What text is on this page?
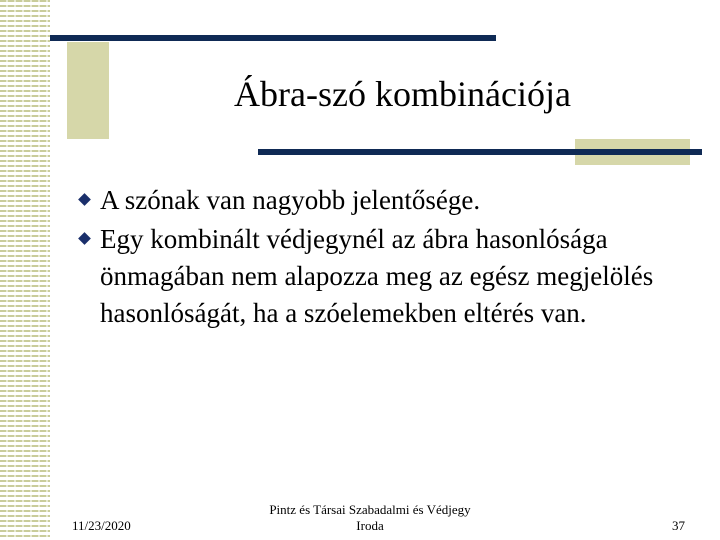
Ábra-szó kombinációja
A szónak van nagyobb jelentősége.
Egy kombinált védjegynél az ábra hasonlósága önmagában nem alapozza meg az egész megjelölés hasonlóságát, ha a szóelemekben eltérés van.
11/23/2020
Pintz és Társai Szabadalmi és Védjegy
Iroda	37
